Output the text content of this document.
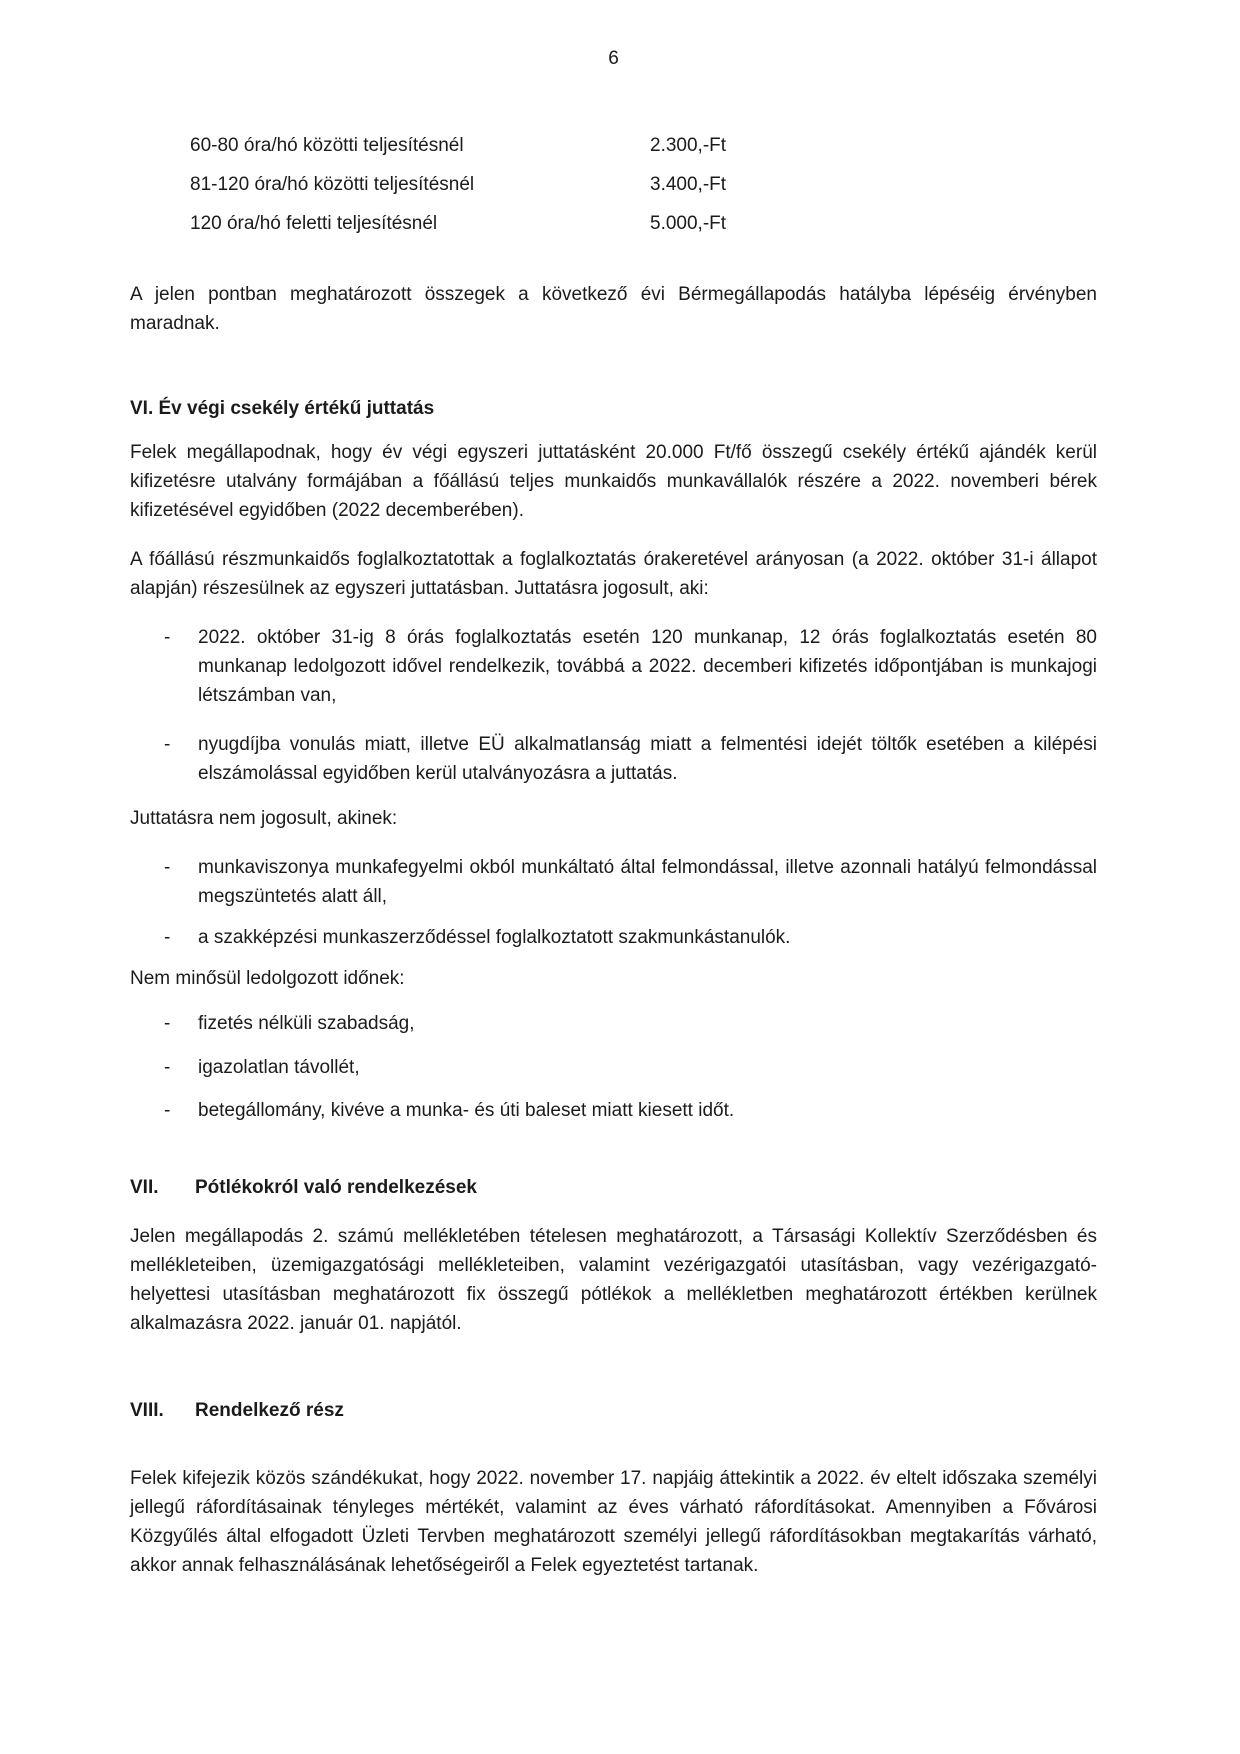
6
60-80 óra/hó közötti teljesítésnél	2.300,-Ft
81-120 óra/hó közötti teljesítésnél	3.400,-Ft
120 óra/hó feletti teljesítésnél	5.000,-Ft
A jelen pontban meghatározott összegek a következő évi Bérmegállapodás hatályba lépéséig érvényben maradnak.
VI. Év végi csekély értékű juttatás
Felek megállapodnak, hogy év végi egyszeri juttatásként 20.000 Ft/fő összegű csekély értékű ajándék kerül kifizetésre utalvány formájában a főállású teljes munkaidős munkavállalók részére a 2022. novemberi bérek kifizetésével egyidőben (2022 decemberében).
A főállású részmunkaidős foglalkoztatottak a foglalkoztatás órakeretével arányosan (a 2022. október 31-i állapot alapján) részesülnek az egyszeri juttatásban. Juttatásra jogosult, aki:
- 2022. október 31-ig 8 órás foglalkoztatás esetén 120 munkanap, 12 órás foglalkoztatás esetén 80 munkanap ledolgozott idővel rendelkezik, továbbá a 2022. decemberi kifizetés időpontjában is munkajogi létszámban van,
- nyugdíjba vonulás miatt, illetve EÜ alkalmatlanság miatt a felmentési idejét töltők esetében a kilépési elszámolással egyidőben kerül utalványozásra a juttatás.
Juttatásra nem jogosult, akinek:
- munkaviszonya munkafegyelmi okból munkáltató által felmondással, illetve azonnali hatályú felmondással megszüntetés alatt áll,
- a szakképzési munkaszerződéssel foglalkoztatott szakmunkástanulók.
Nem minősül ledolgozott időnek:
- fizetés nélküli szabadság,
- igazolatlan távollét,
- betegállomány, kivéve a munka- és úti baleset miatt kiesett időt.
VII.	Pótlékokról való rendelkezések
Jelen megállapodás 2. számú mellékletében tételesen meghatározott, a Társasági Kollektív Szerződésben és mellékleteiben, üzemigazgatósági mellékleteiben, valamint vezérigazgatói utasításban, vagy vezérigazgató-helyettesi utasításban meghatározott fix összegű pótlékok a mellékletben meghatározott értékben kerülnek alkalmazásra 2022. január 01. napjától.
VIII.	Rendelkező rész
Felek kifejezik közös szándékukat, hogy 2022. november 17. napjáig áttekintik a 2022. év eltelt időszaka személyi jellegű ráfordításainak tényleges mértékét, valamint az éves várható ráfordításokat. Amennyiben a Fővárosi Közgyűlés által elfogadott Üzleti Tervben meghatározott személyi jellegű ráfordításokban megtakarítás várható, akkor annak felhasználásának lehetőségeiről a Felek egyeztetést tartanak.
